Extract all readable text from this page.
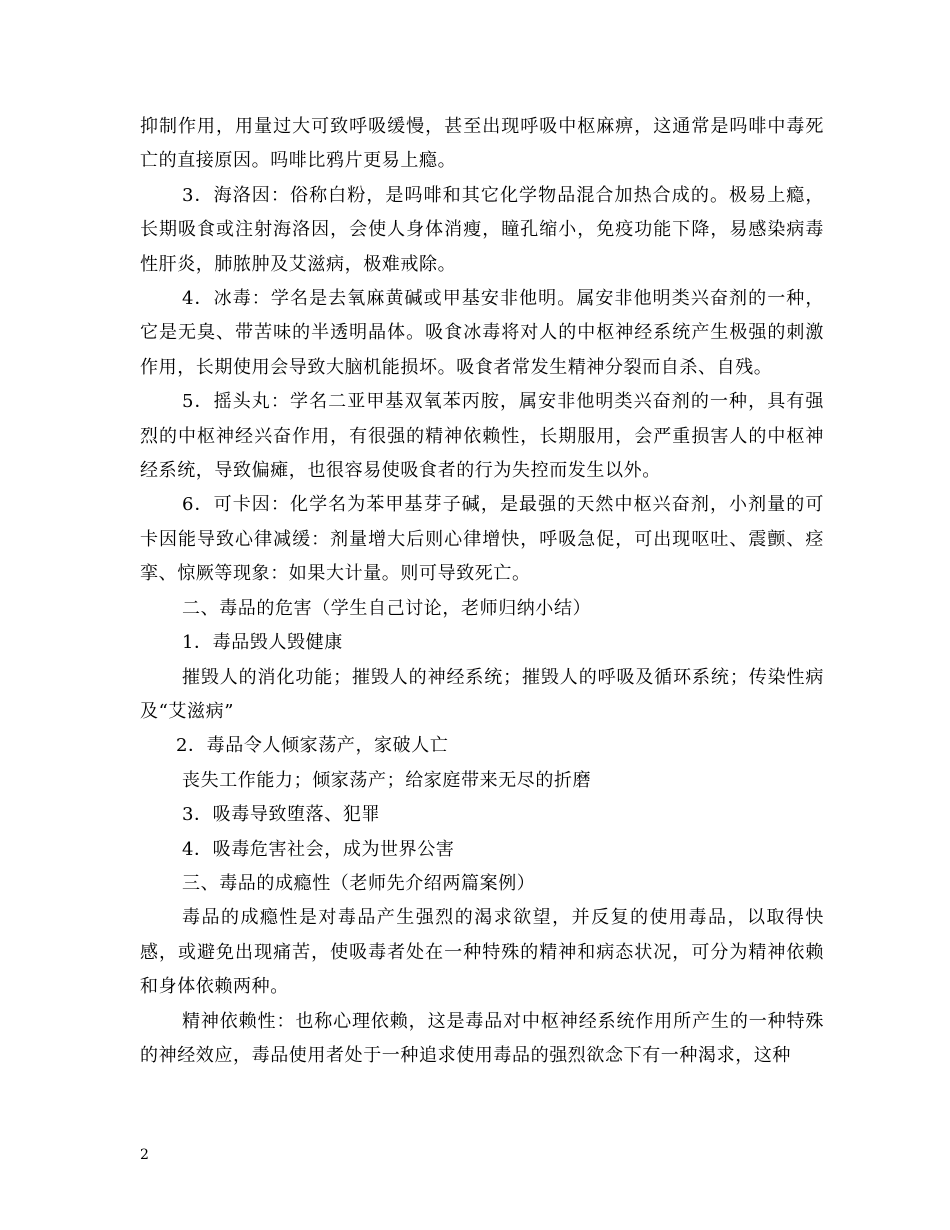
抑制作用，用量过大可致呼吸缓慢，甚至出现呼吸中枢麻痹，这通常是吗啡中毒死亡的直接原因。吗啡比鸦片更易上瘾。

3．海洛因：俗称白粉，是吗啡和其它化学物品混合加热合成的。极易上瘾，长期吸食或注射海洛因，会使人身体消瘦，瞳孔缩小，免疫功能下降，易感染病毒性肝炎，肺脓肿及艾滋病，极难戒除。

4．冰毒：学名是去氧麻黄碱或甲基安非他明。属安非他明类兴奋剂的一种，它是无臭、带苦味的半透明晶体。吸食冰毒将对人的中枢神经系统产生极强的刺激作用，长期使用会导致大脑机能损坏。吸食者常发生精神分裂而自杀、自残。

5．摇头丸：学名二亚甲基双氧苯丙胺，属安非他明类兴奋剂的一种，具有强烈的中枢神经兴奋作用，有很强的精神依赖性，长期服用，会严重损害人的中枢神经系统，导致偏瘫，也很容易使吸食者的行为失控而发生以外。

6．可卡因：化学名为苯甲基芽子碱，是最强的天然中枢兴奋剂，小剂量的可卡因能导致心律减缓：剂量增大后则心律增快，呼吸急促，可出现呕吐、震颤、痉挛、惊厥等现象：如果大计量。则可导致死亡。

二、毒品的危害（学生自己讨论，老师归纳小结）

1．毒品毁人毁健康

摧毁人的消化功能；摧毁人的神经系统；摧毁人的呼吸及循环系统；传染性病及“艾滋病”

2．毒品令人倾家荡产，家破人亡

丧失工作能力；倾家荡产；给家庭带来无尽的折磨

3．吸毒导致堕落、犯罪

4．吸毒危害社会，成为世界公害

三、毒品的成瘾性（老师先介绍两篇案例）

毒品的成瘾性是对毒品产生强烈的渴求欲望，并反复的使用毒品，以取得快感，或避免出现痛苦，使吸毒者处在一种特殊的精神和病态状况，可分为精神依赖和身体依赖两种。

精神依赖性：也称心理依赖，这是毒品对中枢神经系统作用所产生的一种特殊的神经效应，毒品使用者处于一种追求使用毒品的强烈欲念下有一种渴求，这种

2
